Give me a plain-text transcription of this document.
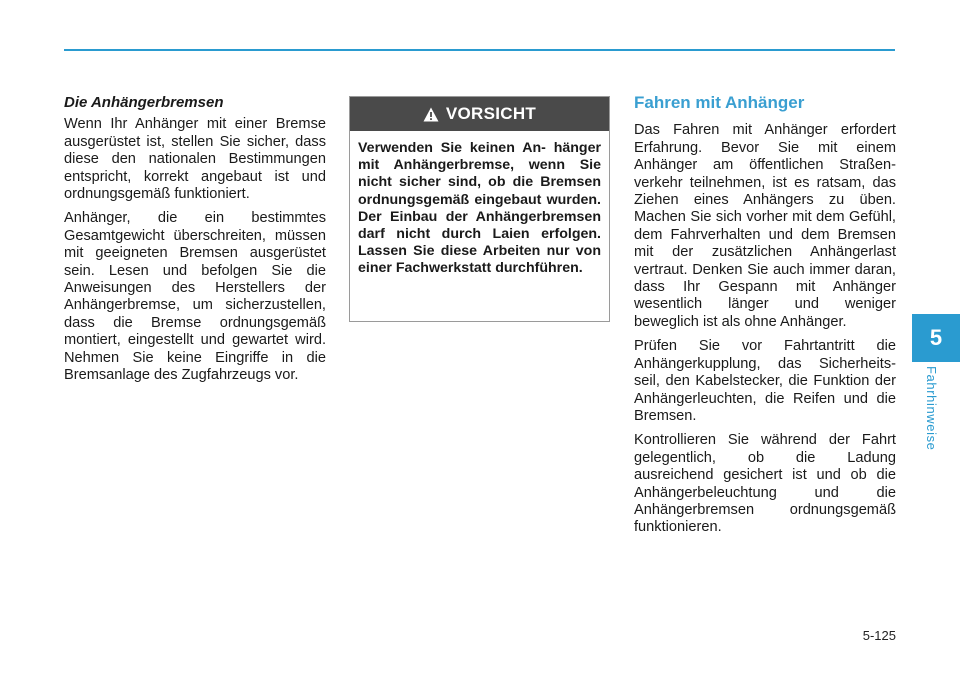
Die Anhängerbremsen

Wenn Ihr Anhänger mit einer Bremse ausgerüstet ist, stellen Sie sicher, dass diese den nationalen Bestimmungen entspricht, korrekt angebaut ist und ordnungsgemäß funktioniert.

Anhänger, die ein bestimmtes Gesamtgewicht überschreiten, müssen mit geeigneten Bremsen ausgerüstet sein. Lesen und befolgen Sie die Anweisungen des Herstellers der Anhängerbremse, um sicherzustellen, dass die Bremse ordnungsgemäß montiert, eingestellt und gewartet wird. Nehmen Sie keine Eingriffe in die Bremsanlage des Zugfahrzeugs vor.

VORSICHT
Verwenden Sie keinen An- hänger mit Anhängerbremse, wenn Sie nicht sicher sind, ob die Bremsen ordnungsgemäß eingebaut wurden. Der Einbau der Anhängerbremsen darf nicht durch Laien erfolgen. Lassen Sie diese Arbeiten nur von einer Fachwerkstatt durchführen.
Fahren mit Anhänger

Das Fahren mit Anhänger erfordert Erfahrung. Bevor Sie mit einem Anhänger am öffentlichen Straßen- verkehr teilnehmen, ist es ratsam, das Ziehen eines Anhängers zu üben. Machen Sie sich vorher mit dem Gefühl, dem Fahrverhalten und dem Bremsen mit der zusätzlichen Anhängerlast vertraut. Denken Sie auch immer daran, dass Ihr Gespann mit Anhänger wesentlich länger und weniger beweglich ist als ohne Anhänger.

Prüfen Sie vor Fahrtantritt die Anhängerkupplung, das Sicherheits- seil, den Kabelstecker, die Funktion der Anhängerleuchten, die Reifen und die Bremsen.

Kontrollieren Sie während der Fahrt gelegentlich, ob die Ladung ausreichend gesichert ist und ob die Anhängerbeleuchtung und die Anhängerbremsen ordnungsgemäß funktionieren.

5
Fahrhinweise
5-125
